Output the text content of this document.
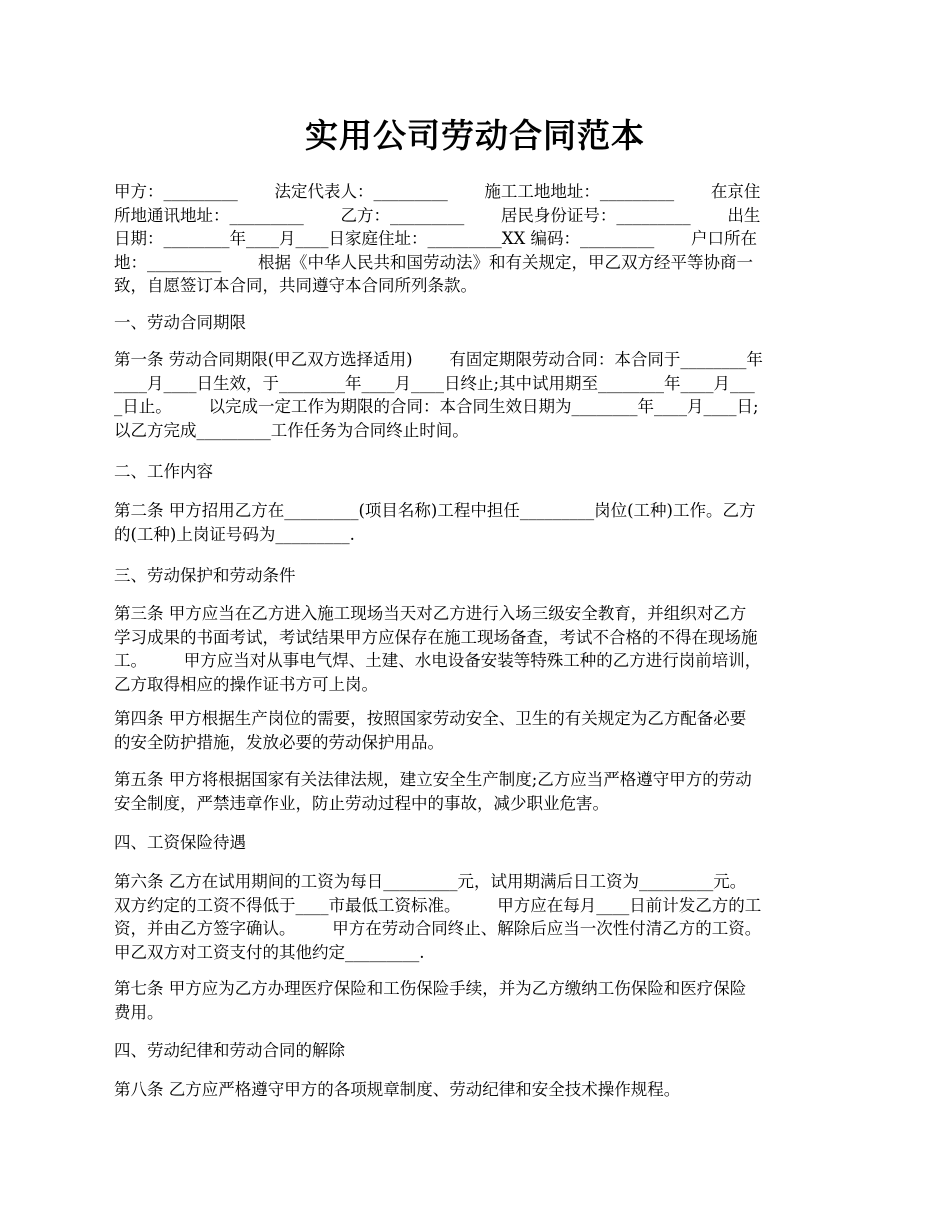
实用公司劳动合同范本
甲方：_________       法定代表人：_________       施工工地地址：_________       在京住
所地通讯地址：_________       乙方：_________       居民身份证号：_________       出生
日期：________年____月____日家庭住址：_________XX 编码：_________       户口所在
地：_________       根据《中华人民共和国劳动法》和有关规定，甲乙双方经平等协商一
致，自愿签订本合同，共同遵守本合同所列条款。
一、劳动合同期限
第一条 劳动合同期限(甲乙双方选择适用)       有固定期限劳动合同：本合同于________年
____月____日生效，于________年____月____日终止;其中试用期至________年____月___
_日止。       以完成一定工作为期限的合同：本合同生效日期为________年____月____日;
以乙方完成_________工作任务为合同终止时间。
二、工作内容
第二条 甲方招用乙方在_________(项目名称)工程中担任_________岗位(工种)工作。乙方
的(工种)上岗证号码为_________.
三、劳动保护和劳动条件
第三条 甲方应当在乙方进入施工现场当天对乙方进行入场三级安全教育，并组织对乙方
学习成果的书面考试，考试结果甲方应保存在施工现场备查，考试不合格的不得在现场施
工。       甲方应当对从事电气焊、土建、水电设备安装等特殊工种的乙方进行岗前培训，
乙方取得相应的操作证书方可上岗。
第四条 甲方根据生产岗位的需要，按照国家劳动安全、卫生的有关规定为乙方配备必要
的安全防护措施，发放必要的劳动保护用品。
第五条 甲方将根据国家有关法律法规，建立安全生产制度;乙方应当严格遵守甲方的劳动
安全制度，严禁违章作业，防止劳动过程中的事故，减少职业危害。
四、工资保险待遇
第六条 乙方在试用期间的工资为每日_________元，试用期满后日工资为_________元。
双方约定的工资不得低于____市最低工资标准。       甲方应在每月____日前计发乙方的工
资，并由乙方签字确认。       甲方在劳动合同终止、解除后应当一次性付清乙方的工资。
甲乙双方对工资支付的其他约定_________.
第七条 甲方应为乙方办理医疗保险和工伤保险手续，并为乙方缴纳工伤保险和医疗保险
费用。
四、劳动纪律和劳动合同的解除
第八条 乙方应严格遵守甲方的各项规章制度、劳动纪律和安全技术操作规程。
